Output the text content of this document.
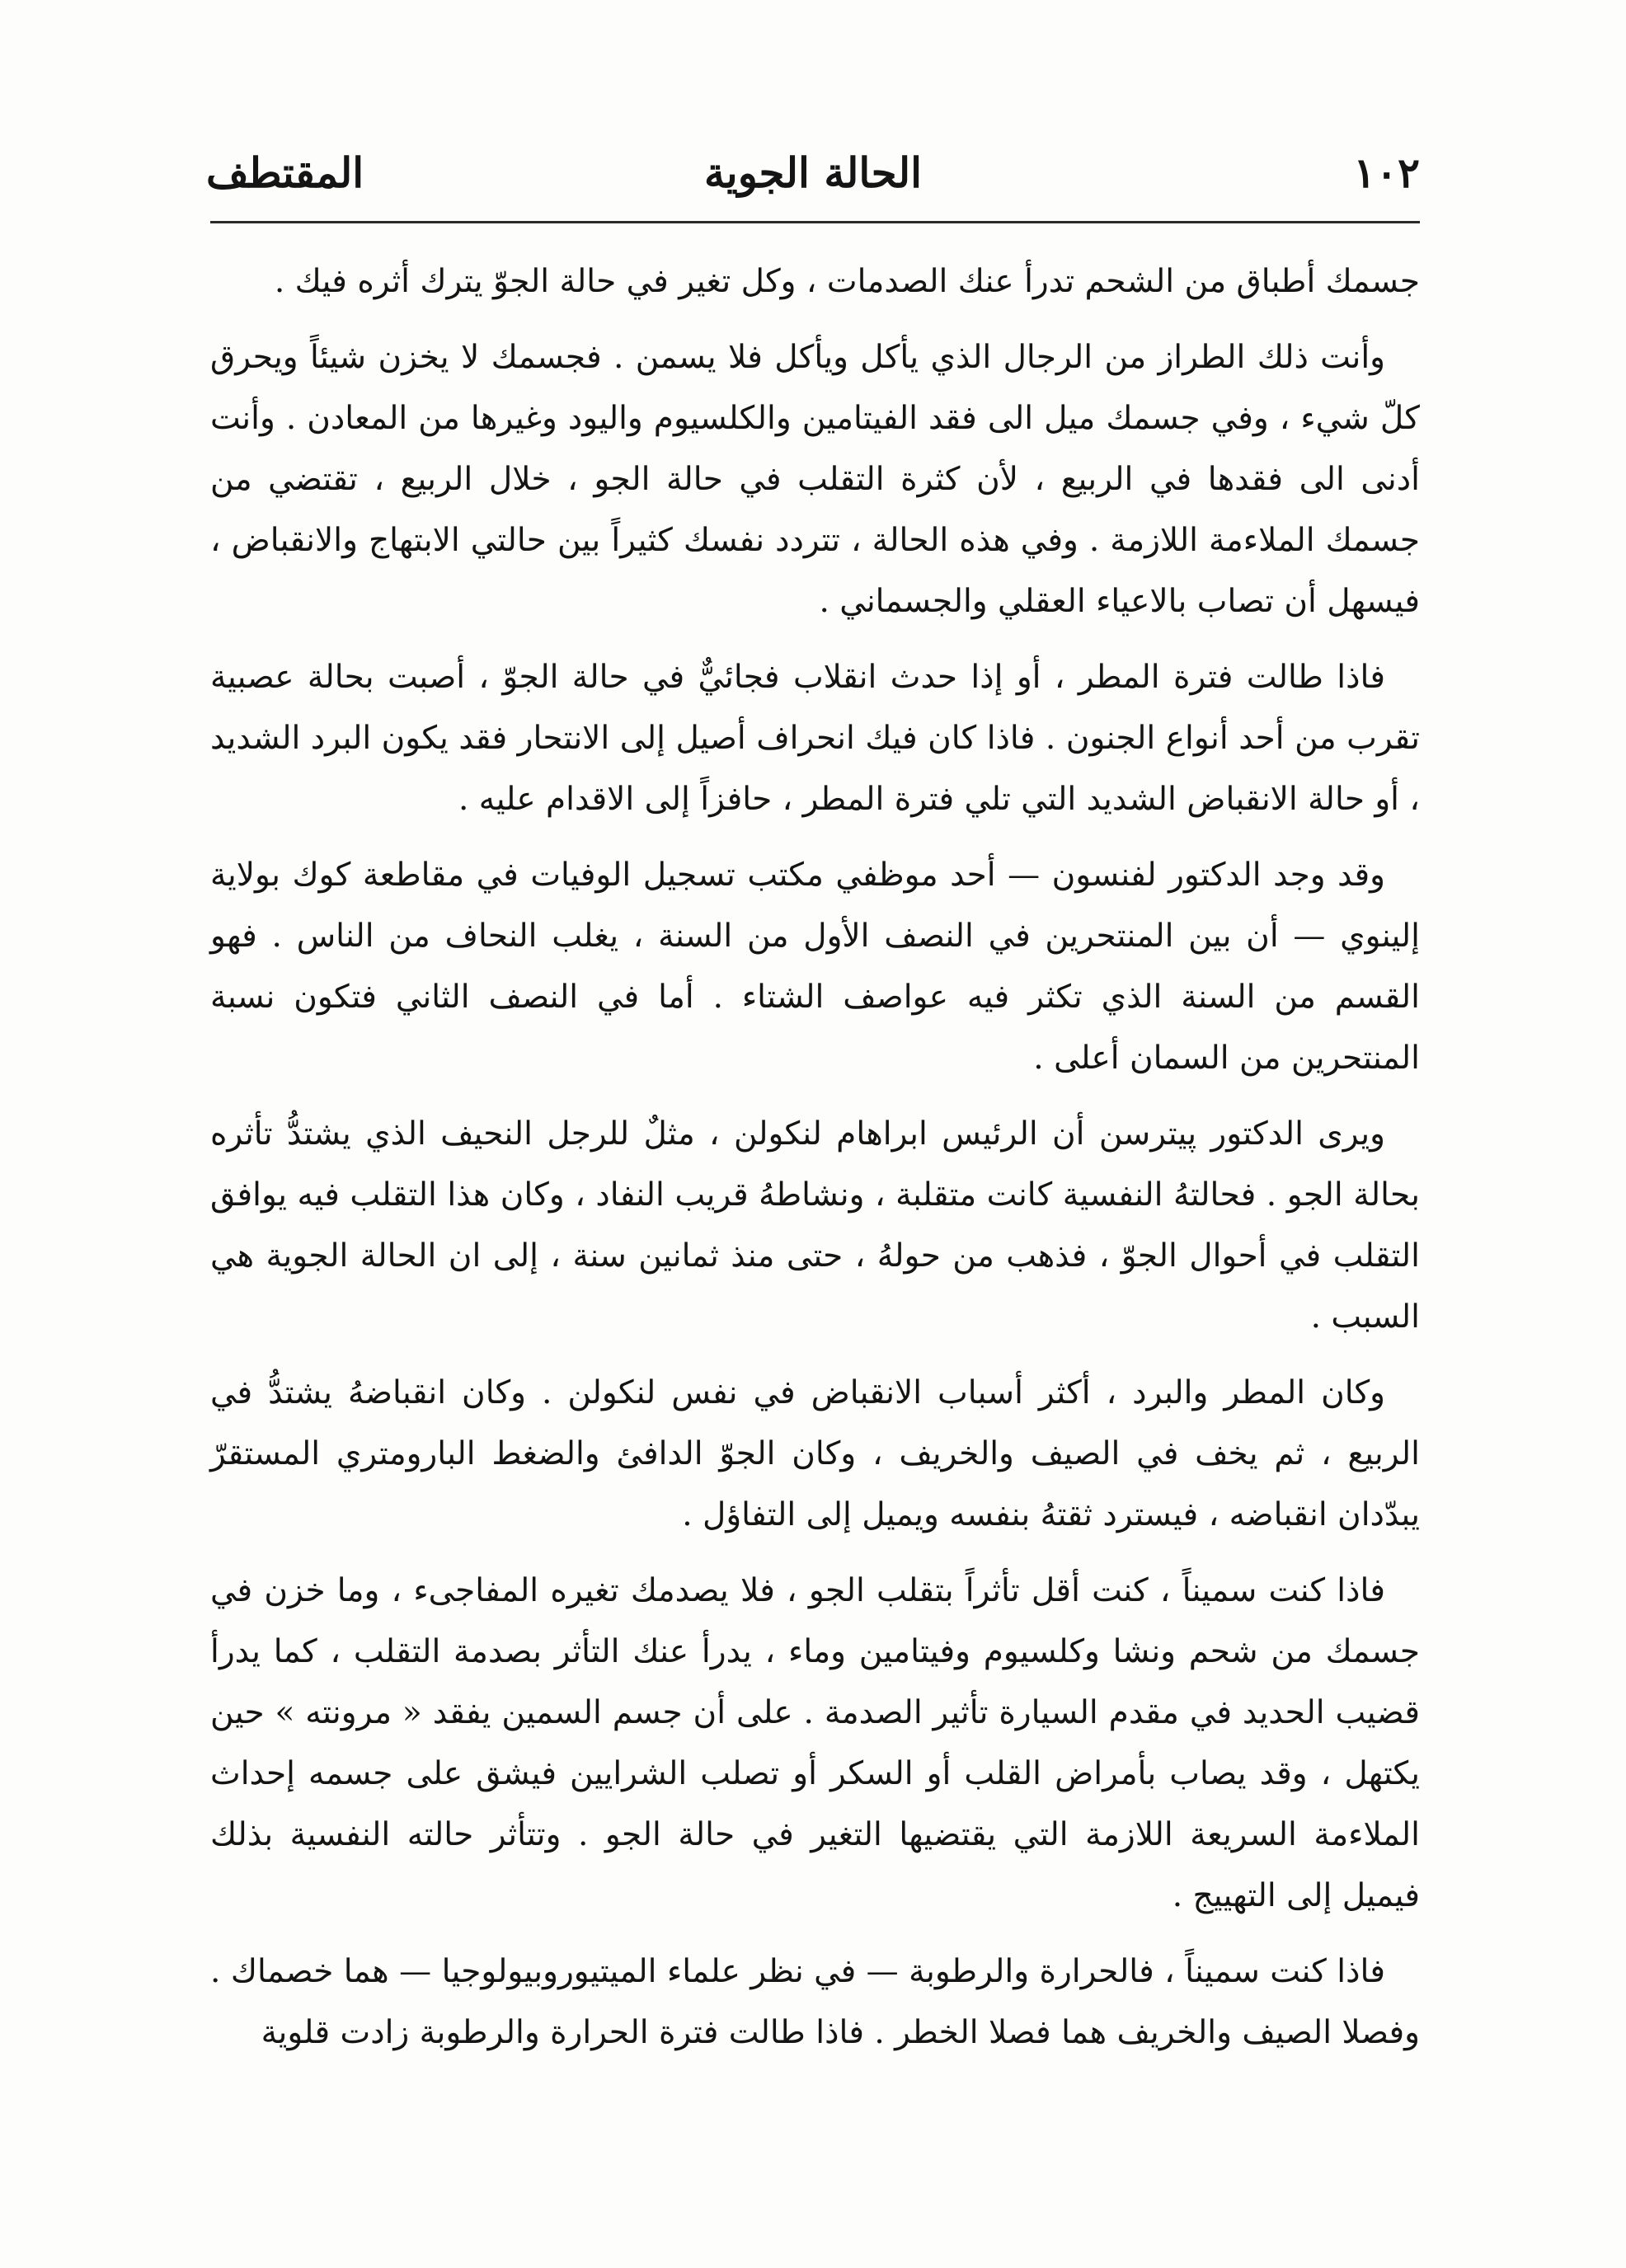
١٠٢
الحالة الجوية
المقتطف

جسمك أطباق من الشحم تدرأ عنك الصدمات ، وكل تغير في حالة الجوّ يترك أثره فيك .

وأنت ذلك الطراز من الرجال الذي يأكل ويأكل فلا يسمن . فجسمك لا يخزن شيئاً ويحرق كلّ شيء ، وفي جسمك ميل الى فقد الفيتامين والكلسيوم واليود وغيرها من المعادن . وأنت أدنى الى فقدها في الربيع ، لأن كثرة التقلب في حالة الجو ، خلال الربيع ، تقتضي من جسمك الملاءمة اللازمة . وفي هذه الحالة ، تتردد نفسك كثيراً بين حالتي الابتهاج والانقباض ، فيسهل أن تصاب بالاعياء العقلي والجسماني .

فاذا طالت فترة المطر ، أو إذا حدث انقلاب فجائيٌّ في حالة الجوّ ، أصبت بحالة عصبية تقرب من أحد أنواع الجنون . فاذا كان فيك انحراف أصيل إلى الانتحار فقد يكون البرد الشديد ، أو حالة الانقباض الشديد التي تلي فترة المطر ، حافزاً إلى الاقدام عليه .

وقد وجد الدكتور لفنسون — أحد موظفي مكتب تسجيل الوفيات في مقاطعة كوك بولاية إلينوي — أن بين المنتحرين في النصف الأول من السنة ، يغلب النحاف من الناس . فهو القسم من السنة الذي تكثر فيه عواصف الشتاء . أما في النصف الثاني فتكون نسبة المنتحرين من السمان أعلى .

ويرى الدكتور پيترسن أن الرئيس ابراهام لنكولن ، مثلٌ للرجل النحيف الذي يشتدُّ تأثره بحالة الجو . فحالتهُ النفسية كانت متقلبة ، ونشاطهُ قريب النفاد ، وكان هذا التقلب فيه يوافق التقلب في أحوال الجوّ ، فذهب من حولهُ ، حتى منذ ثمانين سنة ، إلى ان الحالة الجوية هي السبب .

وكان المطر والبرد ، أكثر أسباب الانقباض في نفس لنكولن . وكان انقباضهُ يشتدُّ في الربيع ، ثم يخف في الصيف والخريف ، وكان الجوّ الدافئ والضغط البارومتري المستقرّ يبدّدان انقباضه ، فيسترد ثقتهُ بنفسه ويميل إلى التفاؤل .

فاذا كنت سميناً ، كنت أقل تأثراً بتقلب الجو ، فلا يصدمك تغيره المفاجىء ، وما خزن في جسمك من شحم ونشا وكلسيوم وفيتامين وماء ، يدرأ عنك التأثر بصدمة التقلب ، كما يدرأ قضيب الحديد في مقدم السيارة تأثير الصدمة . على أن جسم السمين يفقد « مرونته » حين يكتهل ، وقد يصاب بأمراض القلب أو السكر أو تصلب الشرايين فيشق على جسمه إحداث الملاءمة السريعة اللازمة التي يقتضيها التغير في حالة الجو . وتتأثر حالته النفسية بذلك فيميل إلى التهييج .

فاذا كنت سميناً ، فالحرارة والرطوبة — في نظر علماء الميتيوروبيولوجيا — هما خصماك . وفصلا الصيف والخريف هما فصلا الخطر . فاذا طالت فترة الحرارة والرطوبة زادت قلوية
